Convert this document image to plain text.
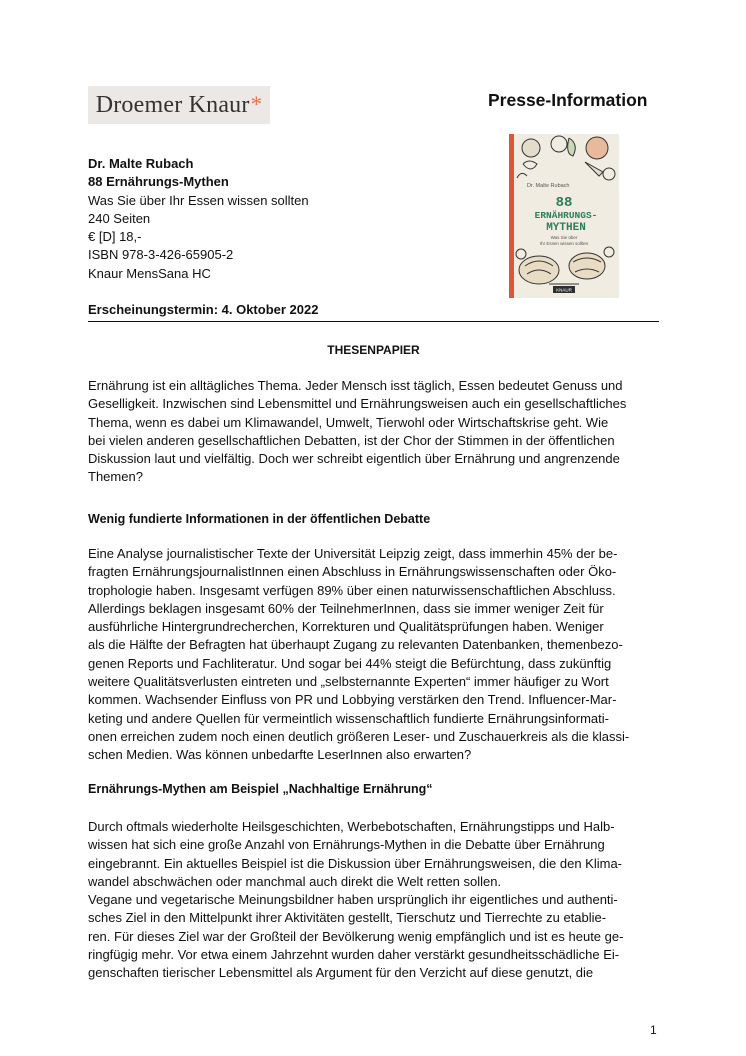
Droemer Knaur *	Presse-Information
Dr. Malte Rubach
88 Ernährungs-Mythen
Was Sie über Ihr Essen wissen sollten
240 Seiten
€ [D] 18,-
ISBN 978-3-426-65905-2
Knaur MensSana HC
Dr. Malte Rubach
88
ERNÄHRUNGS-
MYTHEN
Was Sie über
Ihr Essen wissen sollten
KNAUR
Erscheinungstermin: 4. Oktober 2022
THESENPAPIER
Ernährung ist ein alltägliches Thema. Jeder Mensch isst täglich, Essen bedeutet Genuss und
Geselligkeit. Inzwischen sind Lebensmittel und Ernährungsweisen auch ein gesellschaftliches
Thema, wenn es dabei um Klimawandel, Umwelt, Tierwohl oder Wirtschaftskrise geht. Wie
bei vielen anderen gesellschaftlichen Debatten, ist der Chor der Stimmen in der öffentlichen
Diskussion laut und vielfältig. Doch wer schreibt eigentlich über Ernährung und angrenzende
Themen?
Wenig fundierte Informationen in der öffentlichen Debatte
Eine Analyse journalistischer Texte der Universität Leipzig zeigt, dass immerhin 45% der be-
fragten ErnährungsjournalistInnen einen Abschluss in Ernährungswissenschaften oder Öko-
trophologie haben. Insgesamt verfügen 89% über einen naturwissenschaftlichen Abschluss.
Allerdings beklagen insgesamt 60% der TeilnehmerInnen, dass sie immer weniger Zeit für
ausführliche Hintergrundrecherchen, Korrekturen und Qualitätsprüfungen haben. Weniger
als die Hälfte der Befragten hat überhaupt Zugang zu relevanten Datenbanken, themenbezo-
genen Reports und Fachliteratur. Und sogar bei 44% steigt die Befürchtung, dass zukünftig
weitere Qualitätsverlusten eintreten und „selbsternannte Experten“ immer häufiger zu Wort
kommen. Wachsender Einfluss von PR und Lobbying verstärken den Trend. Influencer-Mar-
keting und andere Quellen für vermeintlich wissenschaftlich fundierte Ernährungsinformati-
onen erreichen zudem noch einen deutlich größeren Leser- und Zuschauerkreis als die klassi-
schen Medien. Was können unbedarfte LeserInnen also erwarten?
Ernährungs-Mythen am Beispiel „Nachhaltige Ernährung“
Durch oftmals wiederholte Heilsgeschichten, Werbebotschaften, Ernährungstipps und Halb-
wissen hat sich eine große Anzahl von Ernährungs-Mythen in die Debatte über Ernährung
eingebrannt. Ein aktuelles Beispiel ist die Diskussion über Ernährungsweisen, die den Klima-
wandel abschwächen oder manchmal auch direkt die Welt retten sollen.
Vegane und vegetarische Meinungsbildner haben ursprünglich ihr eigentliches und authenti-
sches Ziel in den Mittelpunkt ihrer Aktivitäten gestellt, Tierschutz und Tierrechte zu etablie-
ren. Für dieses Ziel war der Großteil der Bevölkerung wenig empfänglich und ist es heute ge-
ringfügig mehr. Vor etwa einem Jahrzehnt wurden daher verstärkt gesundheitsschädliche Ei-
genschaften tierischer Lebensmittel als Argument für den Verzicht auf diese genutzt, die
1
